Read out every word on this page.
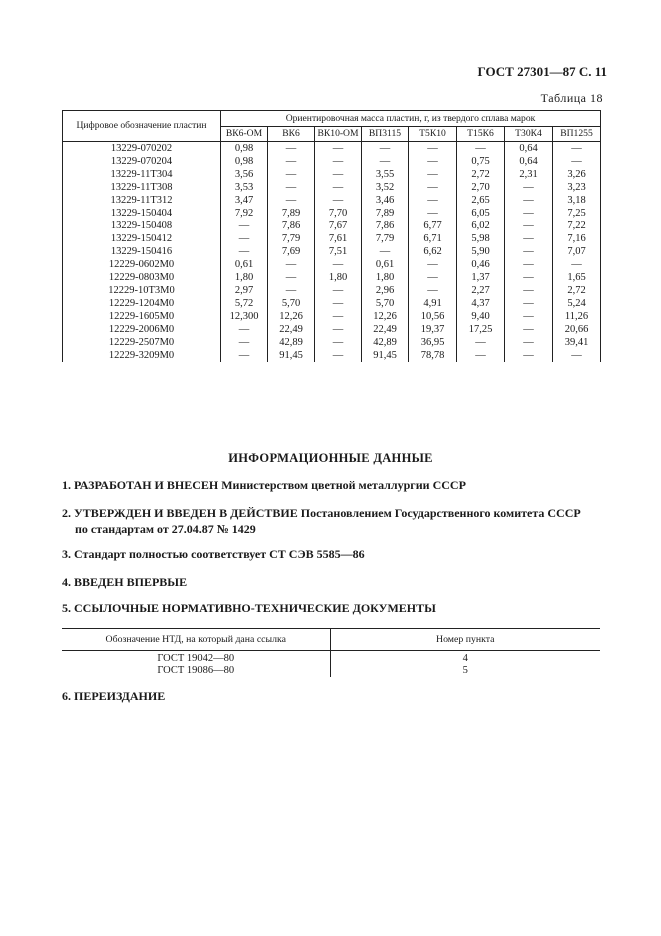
ГОСТ 27301—87 С. 11
Таблица 18
Цифровое обозначение пластин	Ориентировочная масса пластин, г, из твердого сплава марок							
	ВК6-ОМ	ВК6	ВК10-ОМ	ВП3115	Т5К10	Т15К6	Т30К4	ВП1255
13229-070202	0,98	—	—	—	—	—	0,64	—
13229-070204	0,98	—	—	—	—	0,75	0,64	—
13229-11Т304	3,56	—	—	3,55	—	2,72	2,31	3,26
13229-11Т308	3,53	—	—	3,52	—	2,70	—	3,23
13229-11Т312	3,47	—	—	3,46	—	2,65	—	3,18
13229-150404	7,92	7,89	7,70	7,89	—	6,05	—	7,25
13229-150408	—	7,86	7,67	7,86	6,77	6,02	—	7,22
13229-150412	—	7,79	7,61	7,79	6,71	5,98	—	7,16
13229-150416	—	7,69	7,51	—	6,62	5,90	—	7,07
12229-0602М0	0,61	—	—	0,61	—	0,46	—	—
12229-0803М0	1,80	—	1,80	1,80	—	1,37	—	1,65
12229-10Т3М0	2,97	—	—	2,96	—	2,27	—	2,72
12229-1204М0	5,72	5,70	—	5,70	4,91	4,37	—	5,24
12229-1605М0	12,300	12,26	—	12,26	10,56	9,40	—	11,26
12229-2006М0	—	22,49	—	22,49	19,37	17,25	—	20,66
12229-2507М0	—	42,89	—	42,89	36,95	—	—	39,41
12229-3209М0	—	91,45	—	91,45	78,78	—	—	—
ИНФОРМАЦИОННЫЕ ДАННЫЕ
1. РАЗРАБОТАН И ВНЕСЕН Министерством цветной металлургии СССР
2. УТВЕРЖДЕН И ВВЕДЕН В ДЕЙСТВИЕ Постановлением Государственного комитета СССР
по стандартам от 27.04.87 № 1429
3. Стандарт полностью соответствует СТ СЭВ 5585—86
4. ВВЕДЕН ВПЕРВЫЕ
5. ССЫЛОЧНЫЕ НОРМАТИВНО-ТЕХНИЧЕСКИЕ ДОКУМЕНТЫ
Обозначение НТД, на который дана ссылка	Номер пункта
ГОСТ 19042—80	4
ГОСТ 19086—80	5
6. ПЕРЕИЗДАНИЕ
